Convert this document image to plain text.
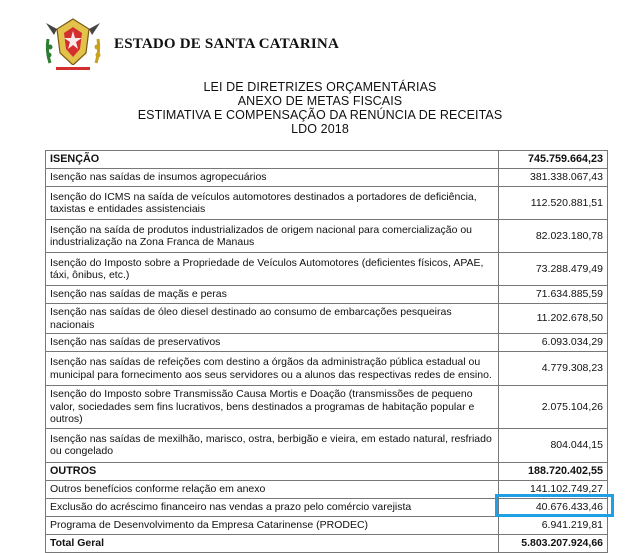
ESTADO DE SANTA CATARINA
LEI DE DIRETRIZES ORÇAMENTÁRIAS
ANEXO DE METAS FISCAIS
ESTIMATIVA E COMPENSAÇÃO DA RENÚNCIA DE RECEITAS
LDO 2018
ISENÇÃO	745.759.664,23
Isenção nas saídas de insumos agropecuários	381.338.067,43
Isenção do ICMS na saída de veículos automotores destinados a portadores de deficiência, taxistas e entidades assistenciais	112.520.881,51
Isenção na saída de produtos industrializados de origem nacional para comercialização ou industrialização na Zona Franca de Manaus	82.023.180,78
Isenção do Imposto sobre a Propriedade de Veículos Automotores (deficientes físicos, APAE, táxi, ônibus, etc.)	73.288.479,49
Isenção nas saídas de maçãs e peras	71.634.885,59
Isenção nas saídas de óleo diesel destinado ao consumo de embarcações pesqueiras nacionais	11.202.678,50
Isenção nas saídas de preservativos	6.093.034,29
Isenção nas saídas de refeições com destino a órgãos da administração pública estadual ou municipal para fornecimento aos seus servidores ou a alunos das respectivas redes de ensino.	4.779.308,23
Isenção do Imposto sobre Transmissão Causa Mortis e Doação (transmissões de pequeno valor, sociedades sem fins lucrativos, bens destinados a programas de habitação popular e outros)	2.075.104,26
Isenção nas saídas de mexilhão, marisco, ostra, berbigão e vieira, em estado natural, resfriado ou congelado	804.044,15
OUTROS	188.720.402,55
Outros benefícios conforme relação em anexo	141.102.749,27
Exclusão do acréscimo financeiro nas vendas a prazo pelo comércio varejista	40.676.433,46
Programa de Desenvolvimento da Empresa Catarinense (PRODEC)	6.941.219,81
Total Geral	5.803.207.924,66
